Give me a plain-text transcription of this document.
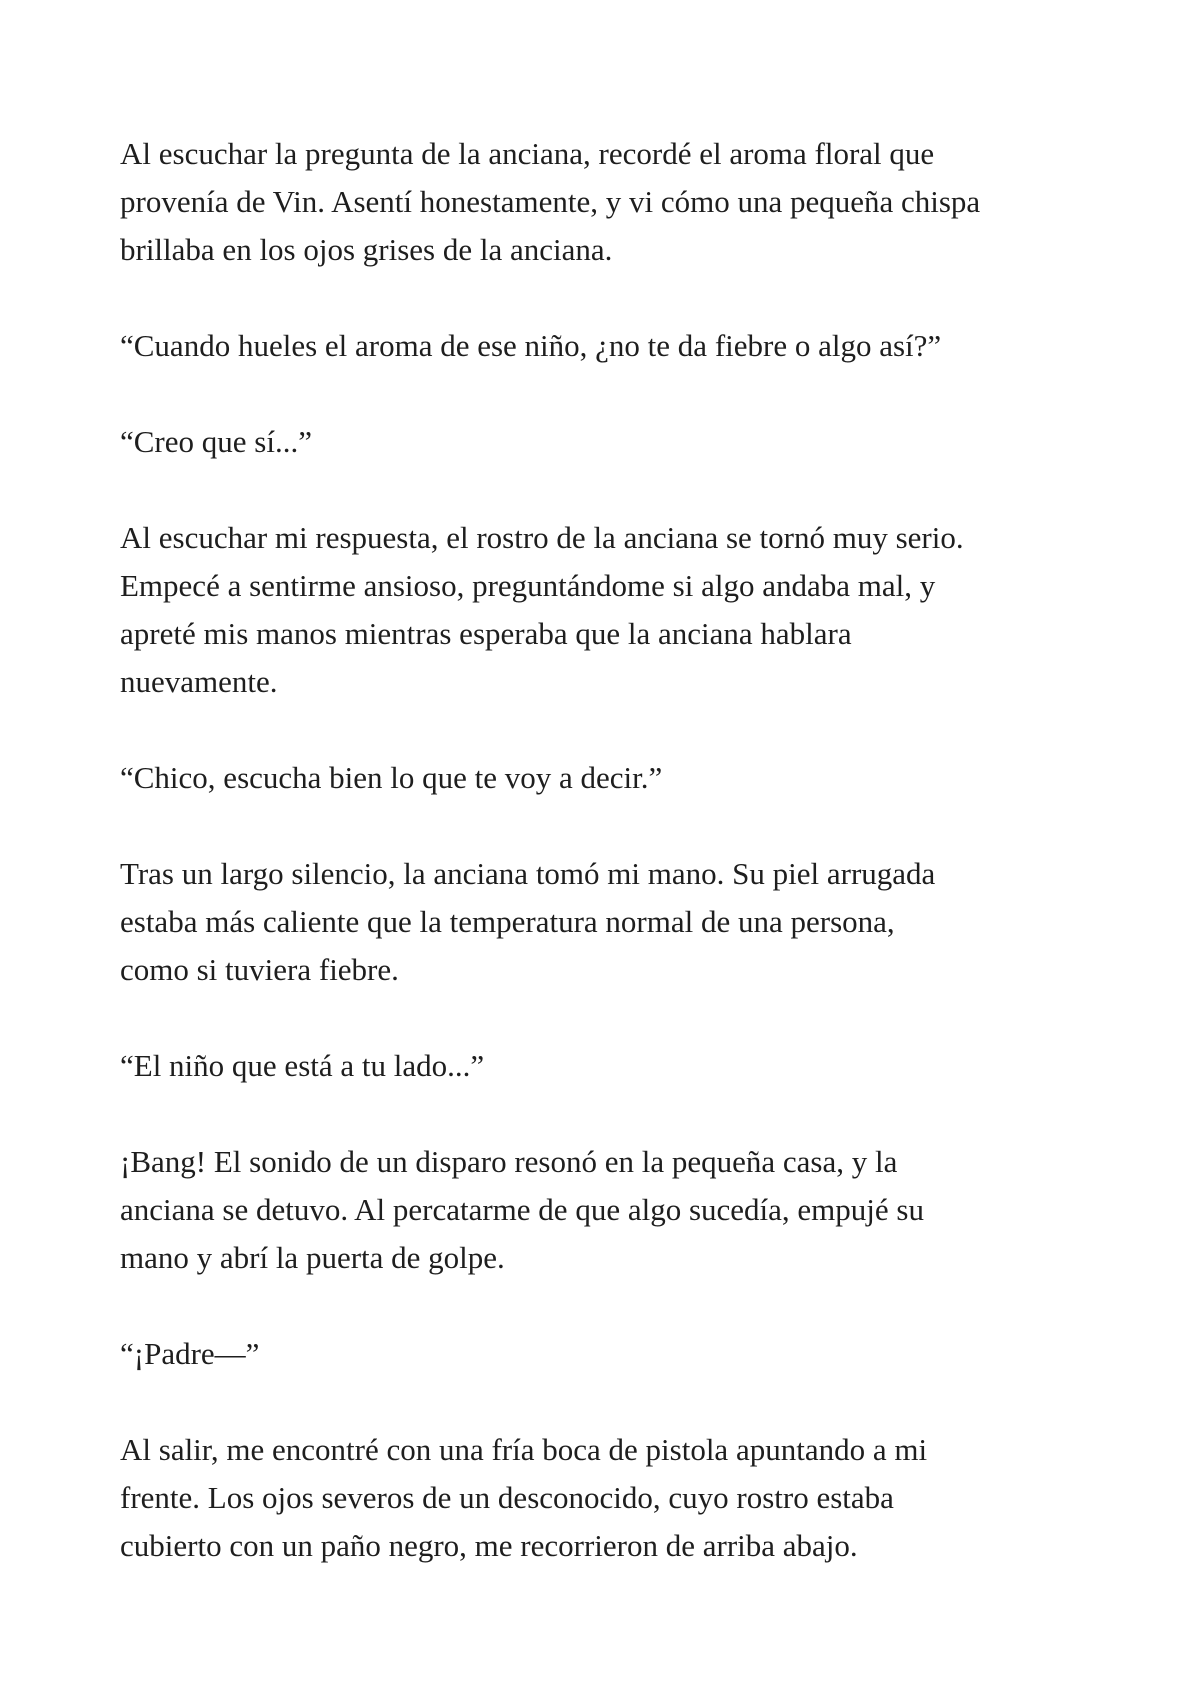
Al escuchar la pregunta de la anciana, recordé el aroma floral que
provenía de Vin. Asentí honestamente, y vi cómo una pequeña chispa
brillaba en los ojos grises de la anciana.

“Cuando hueles el aroma de ese niño, ¿no te da fiebre o algo así?”

“Creo que sí...”

Al escuchar mi respuesta, el rostro de la anciana se tornó muy serio.
Empecé a sentirme ansioso, preguntándome si algo andaba mal, y
apreté mis manos mientras esperaba que la anciana hablara
nuevamente.

“Chico, escucha bien lo que te voy a decir.”

Tras un largo silencio, la anciana tomó mi mano. Su piel arrugada
estaba más caliente que la temperatura normal de una persona,
como si tuviera fiebre.

“El niño que está a tu lado...”

¡Bang! El sonido de un disparo resonó en la pequeña casa, y la
anciana se detuvo. Al percatarme de que algo sucedía, empujé su
mano y abrí la puerta de golpe.

“¡Padre—”

Al salir, me encontré con una fría boca de pistola apuntando a mi
frente. Los ojos severos de un desconocido, cuyo rostro estaba
cubierto con un paño negro, me recorrieron de arriba abajo.
